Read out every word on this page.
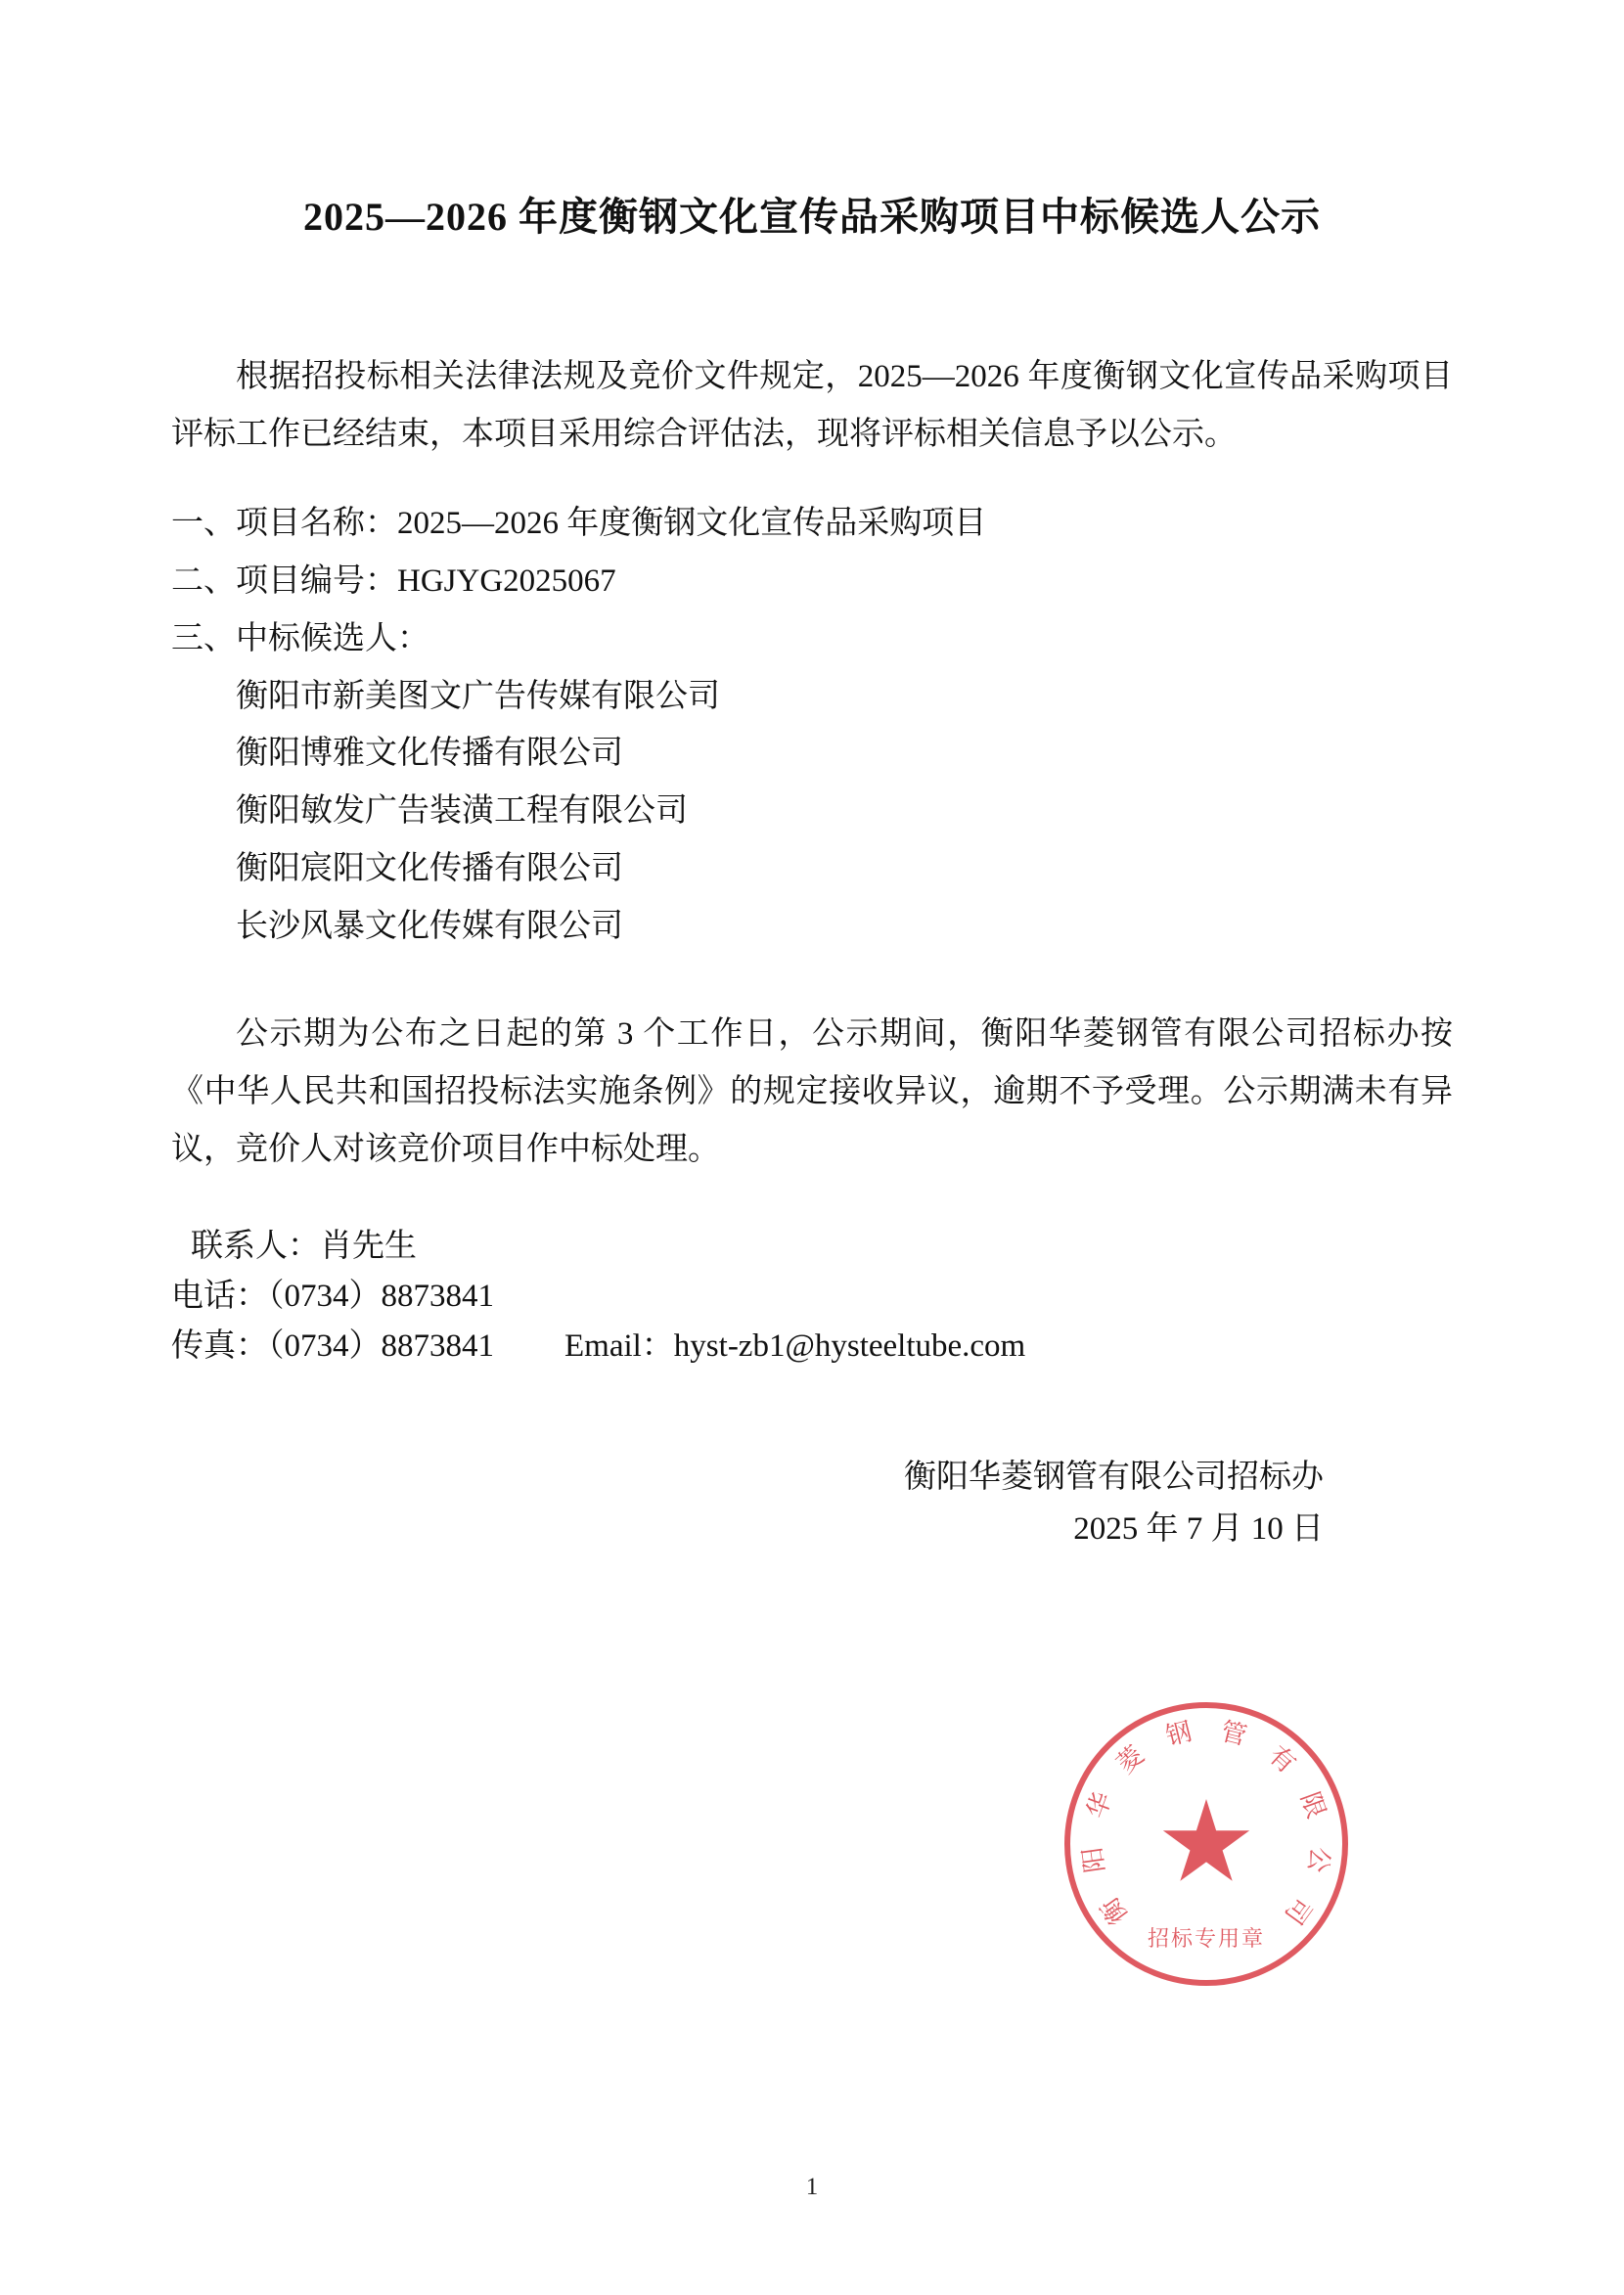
2025—2026 年度衡钢文化宣传品采购项目中标候选人公示

根据招投标相关法律法规及竞价文件规定，2025—2026 年度衡钢文化宣传品采购项目评标工作已经结束，本项目采用综合评估法，现将评标相关信息予以公示。

一、项目名称：2025—2026 年度衡钢文化宣传品采购项目
二、项目编号：HGJYG2025067
三、中标候选人：
衡阳市新美图文广告传媒有限公司
衡阳博雅文化传播有限公司
衡阳敏发广告装潢工程有限公司
衡阳宸阳文化传播有限公司
长沙风暴文化传媒有限公司

公示期为公布之日起的第 3 个工作日，公示期间，衡阳华菱钢管有限公司招标办按《中华人民共和国招投标法实施条例》的规定接收异议，逾期不予受理。公示期满未有异议，竞价人对该竞价项目作中标处理。

联系人：肖先生
电话：（0734）8873841
传真：（0734）8873841 Email：hyst-zb1@hysteeltube.com
衡阳华菱钢管有限公司招标办
2025 年 7 月 10 日
衡
阳
华
菱
钢 管
有
限
公
司
招标专用章
1
